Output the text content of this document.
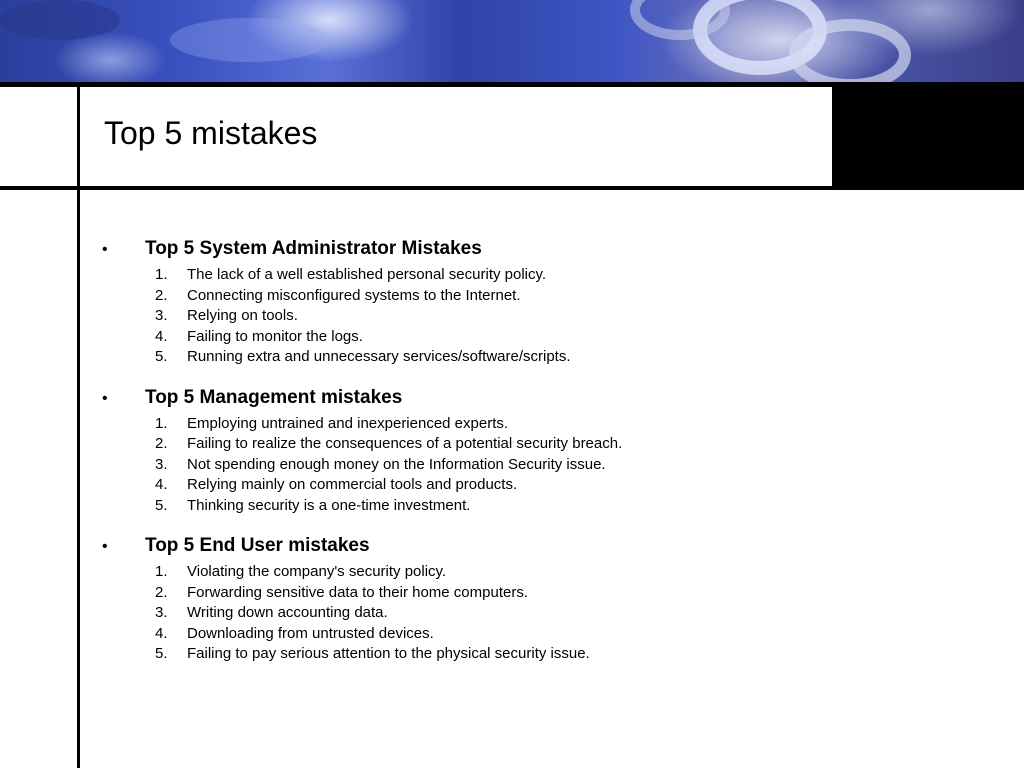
Top 5 mistakes
•	Top 5 System Administrator Mistakes
1.	The lack of a well established personal security policy.
2.	Connecting misconfigured systems to the Internet.
3.	Relying on tools.
4.	Failing to monitor the logs.
5.	Running extra and unnecessary services/software/scripts.
•	Top 5 Management mistakes
1.	Employing untrained and inexperienced experts.
2.	Failing to realize the consequences of a potential security breach.
3.	Not spending enough money on the Information Security issue.
4.	Relying mainly on commercial tools and products.
5.	Thinking security is a one-time investment.
•	Top 5 End User mistakes
1.	Violating the company's security policy.
2.	Forwarding sensitive data to their home computers.
3.	Writing down accounting data.
4.	Downloading from untrusted devices.
5.	Failing to pay serious attention to the physical security issue.
